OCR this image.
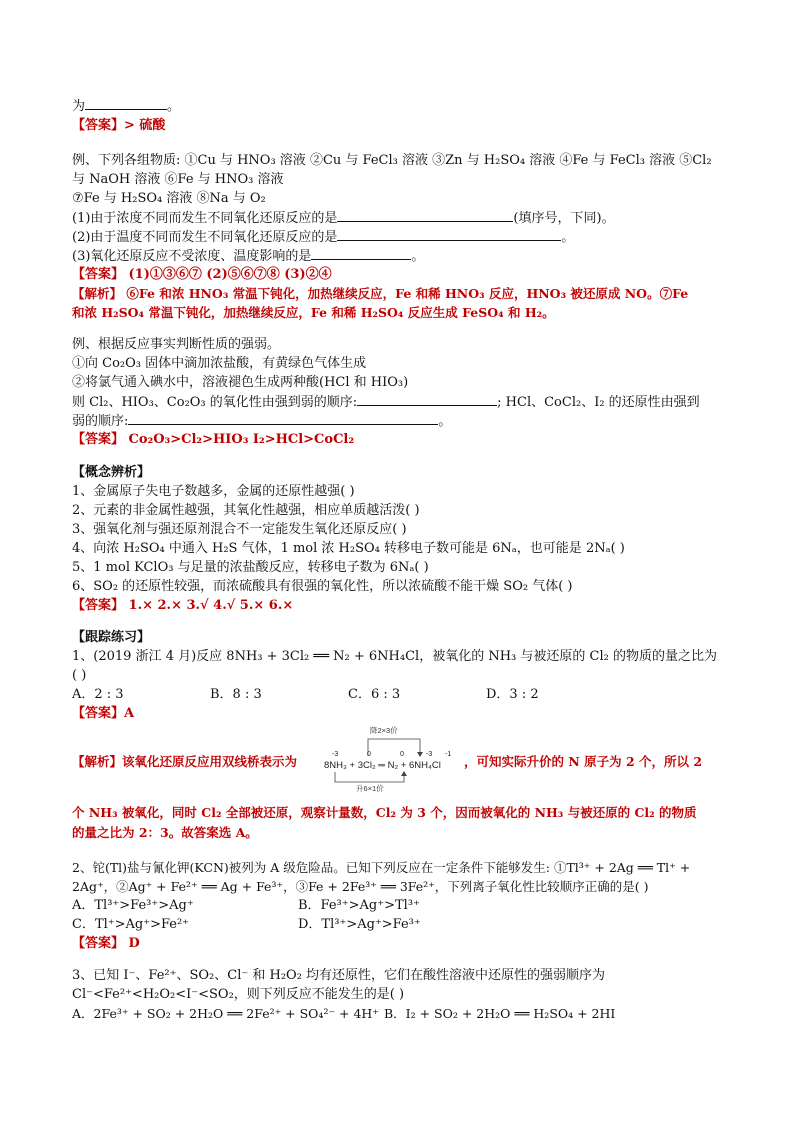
为	。
【答案】> 硫酸
例、下列各组物质: ①Cu 与 HNO₃ 溶液 ②Cu 与 FeCl₃ 溶液 ③Zn 与 H₂SO₄ 溶液 ④Fe 与 FeCl₃ 溶液 ⑤Cl₂
与 NaOH 溶液 ⑥Fe 与 HNO₃ 溶液
⑦Fe 与 H₂SO₄ 溶液 ⑧Na 与 O₂
(1)由于浓度不同而发生不同氧化还原反应的是	(填序号，下同)。
(2)由于温度不同而发生不同氧化还原反应的是	。
(3)氧化还原反应不受浓度、温度影响的是	。
【答案】 (1)①③⑥⑦ (2)⑤⑥⑦⑧ (3)②④
【解析】 ⑥Fe 和浓 HNO₃ 常温下钝化，加热继续反应，Fe 和稀 HNO₃ 反应，HNO₃ 被还原成 NO。⑦Fe
和浓 H₂SO₄ 常温下钝化，加热继续反应，Fe 和稀 H₂SO₄ 反应生成 FeSO₄ 和 H₂。
例、根据反应事实判断性质的强弱。
①向 Co₂O₃ 固体中滴加浓盐酸，有黄绿色气体生成
②将氯气通入碘水中，溶液褪色生成两种酸(HCl 和 HIO₃)
则 Cl₂、HIO₃、Co₂O₃ 的氧化性由强到弱的顺序:	; HCl、CoCl₂、I₂ 的还原性由强到
弱的顺序:	。
【答案】 Co₂O₃>Cl₂>HIO₃ I₂>HCl>CoCl₂
【概念辨析】
1、金属原子失电子数越多，金属的还原性越强( )
2、元素的非金属性越强，其氧化性越强，相应单质越活泼( )
3、强氧化剂与强还原剂混合不一定能发生氧化还原反应( )
4、向浓 H₂SO₄ 中通入 H₂S 气体，1 mol 浓 H₂SO₄ 转移电子数可能是 6Nₐ，也可能是 2Nₐ( )
5、1 mol KClO₃ 与足量的浓盐酸反应，转移电子数为 6Nₐ( )
6、SO₂ 的还原性较强，而浓硫酸具有很强的氧化性，所以浓硫酸不能干燥 SO₂ 气体( )
【答案】 1.× 2.× 3.√ 4.√ 5.× 6.×
【跟踪练习】
1、(2019 浙江 4 月)反应 8NH₃ + 3Cl₂ ══ N₂ + 6NH₄Cl，被氧化的 NH₃ 与被还原的 Cl₂ 的物质的量之比为
( )
A．2 : 3	B．8 : 3	C．6 : 3	D．3 : 2
【答案】A
【解析】该氧化还原反应用双线桥表示为
降2×3价
-3	0	0	-3 -1
8NH₃ + 3Cl₂ ═ N₂ + 6NH₄Cl
升6×1价
，可知实际升价的 N 原子为 2 个，所以 2
个 NH₃ 被氧化，同时 Cl₂ 全部被还原，观察计量数，Cl₂ 为 3 个，因而被氧化的 NH₃ 与被还原的 Cl₂ 的物质
的量之比为 2：3。故答案选 A。
2、铊(Tl)盐与氰化钾(KCN)被列为 A 级危险品。已知下列反应在一定条件下能够发生: ①Tl³⁺ + 2Ag ══ Tl⁺ +
2Ag⁺，②Ag⁺ + Fe²⁺ ══ Ag + Fe³⁺，③Fe + 2Fe³⁺ ══ 3Fe²⁺，下列离子氧化性比较顺序正确的是( )
A．Tl³⁺>Fe³⁺>Ag⁺	B．Fe³⁺>Ag⁺>Tl³⁺
C．Tl⁺>Ag⁺>Fe²⁺	D．Tl³⁺>Ag⁺>Fe³⁺
【答案】 D
3、已知 I⁻、Fe²⁺、SO₂、Cl⁻ 和 H₂O₂ 均有还原性，它们在酸性溶液中还原性的强弱顺序为
Cl⁻<Fe²⁺<H₂O₂<I⁻<SO₂，则下列反应不能发生的是( )
A．2Fe³⁺ + SO₂ + 2H₂O ══ 2Fe²⁺ + SO₄²⁻ + 4H⁺ B．I₂ + SO₂ + 2H₂O ══ H₂SO₄ + 2HI
